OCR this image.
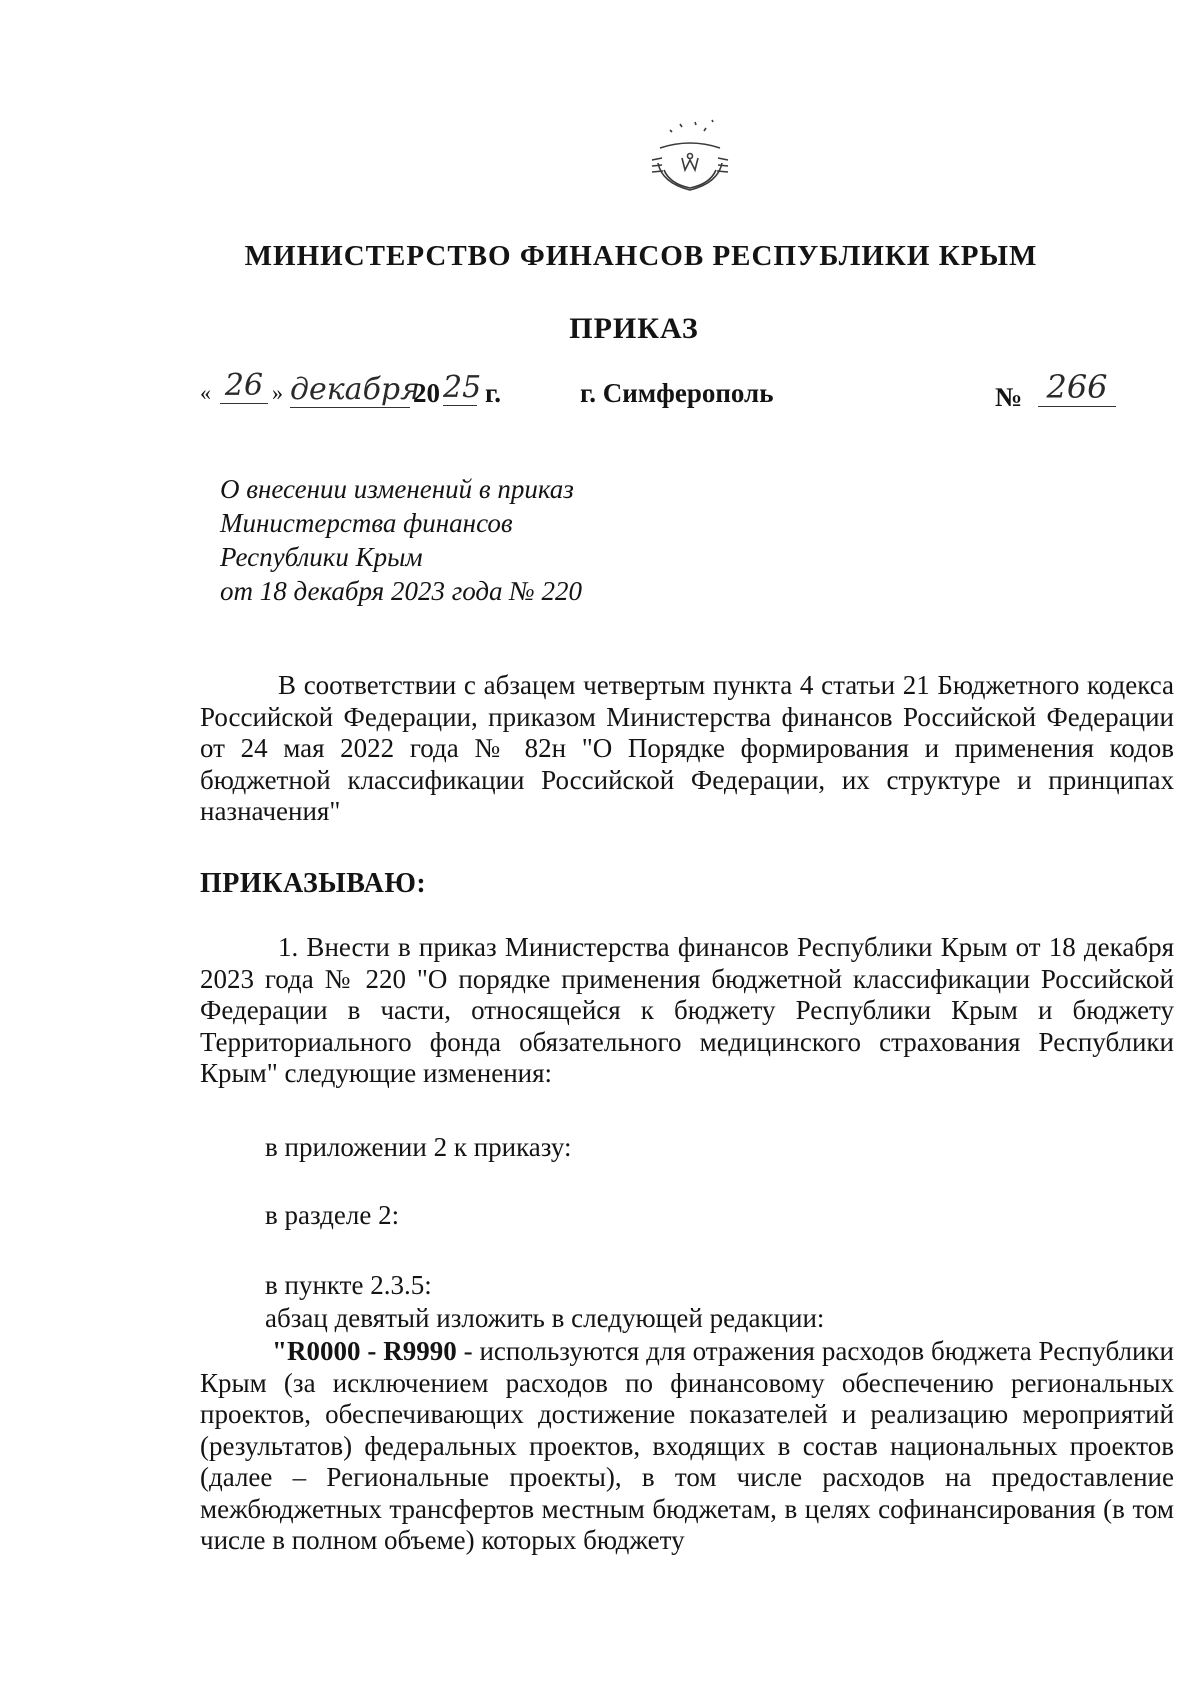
МИНИСТЕРСТВО ФИНАНСОВ РЕСПУБЛИКИ КРЫМ
ПРИКАЗ
« 26 » декабря
20 25 г.	г. Симферополь	№ 266
О внесении изменений в приказ
Министерства финансов
Республики Крым
от 18 декабря 2023 года № 220
В соответствии с абзацем четвертым пункта 4 статьи 21 Бюджетного кодекса Российской Федерации, приказом Министерства финансов Российской Федерации от 24 мая 2022 года № 82н "О Порядке формирования и применения кодов бюджетной классификации Российской Федерации, их структуре и принципах назначения"
ПРИКАЗЫВАЮ:
1. Внести в приказ Министерства финансов Республики Крым от 18 декабря 2023 года № 220 "О порядке применения бюджетной классификации Российской Федерации в части, относящейся к бюджету Республики Крым и бюджету Территориального фонда обязательного медицинского страхования Республики Крым" следующие изменения:
в приложении 2 к приказу:
в разделе 2:
в пункте 2.3.5:
абзац девятый изложить в следующей редакции:
"R0000 - R9990 - используются для отражения расходов бюджета Республики Крым (за исключением расходов по финансовому обеспечению региональных проектов, обеспечивающих достижение показателей и реализацию мероприятий (результатов) федеральных проектов, входящих в состав национальных проектов (далее – Региональные проекты), в том числе расходов на предоставление межбюджетных трансфертов местным бюджетам, в целях софинансирования (в том числе в полном объеме) которых бюджету
